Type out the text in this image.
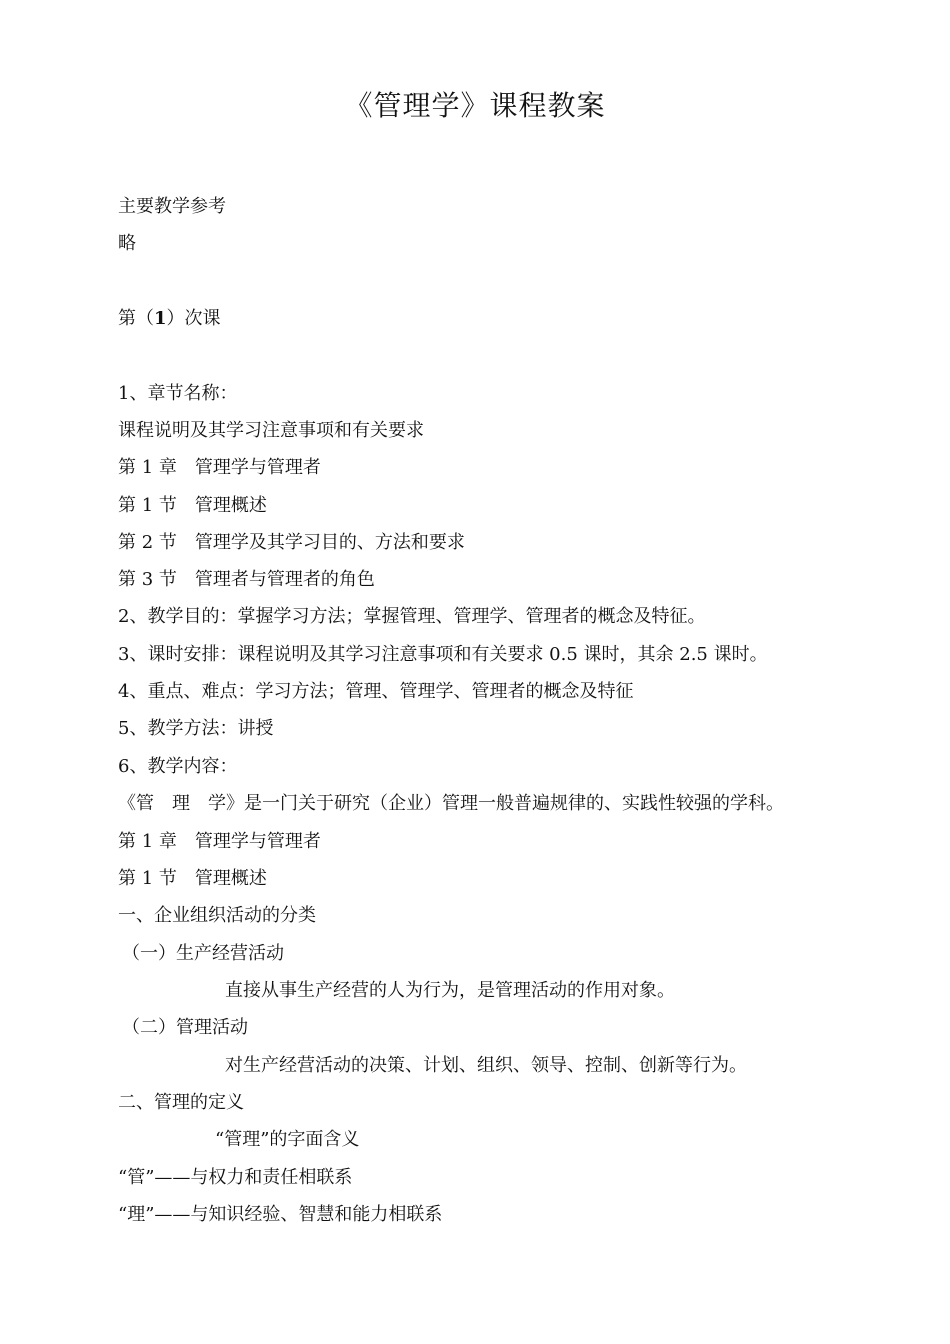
《管理学》课程教案
主要教学参考
略
第（1）次课
1、章节名称：
课程说明及其学习注意事项和有关要求
第 1 章　管理学与管理者
第 1 节　管理概述
第 2 节　管理学及其学习目的、方法和要求
第 3 节　管理者与管理者的角色
2、教学目的：掌握学习方法；掌握管理、管理学、管理者的概念及特征。
3、课时安排：课程说明及其学习注意事项和有关要求 0.5 课时，其余 2.5 课时。
4、重点、难点：学习方法；管理、管理学、管理者的概念及特征
5、教学方法：讲授
6、教学内容：
《管　理　学》是一门关于研究（企业）管理一般普遍规律的、实践性较强的学科。
第 1 章　管理学与管理者
第 1 节　管理概述
一、企业组织活动的分类
（一）生产经营活动
直接从事生产经营的人为行为，是管理活动的作用对象。
（二）管理活动
对生产经营活动的决策、计划、组织、领导、控制、创新等行为。
二、管理的定义
“管理”的字面含义
“管”——与权力和责任相联系
“理”——与知识经验、智慧和能力相联系
